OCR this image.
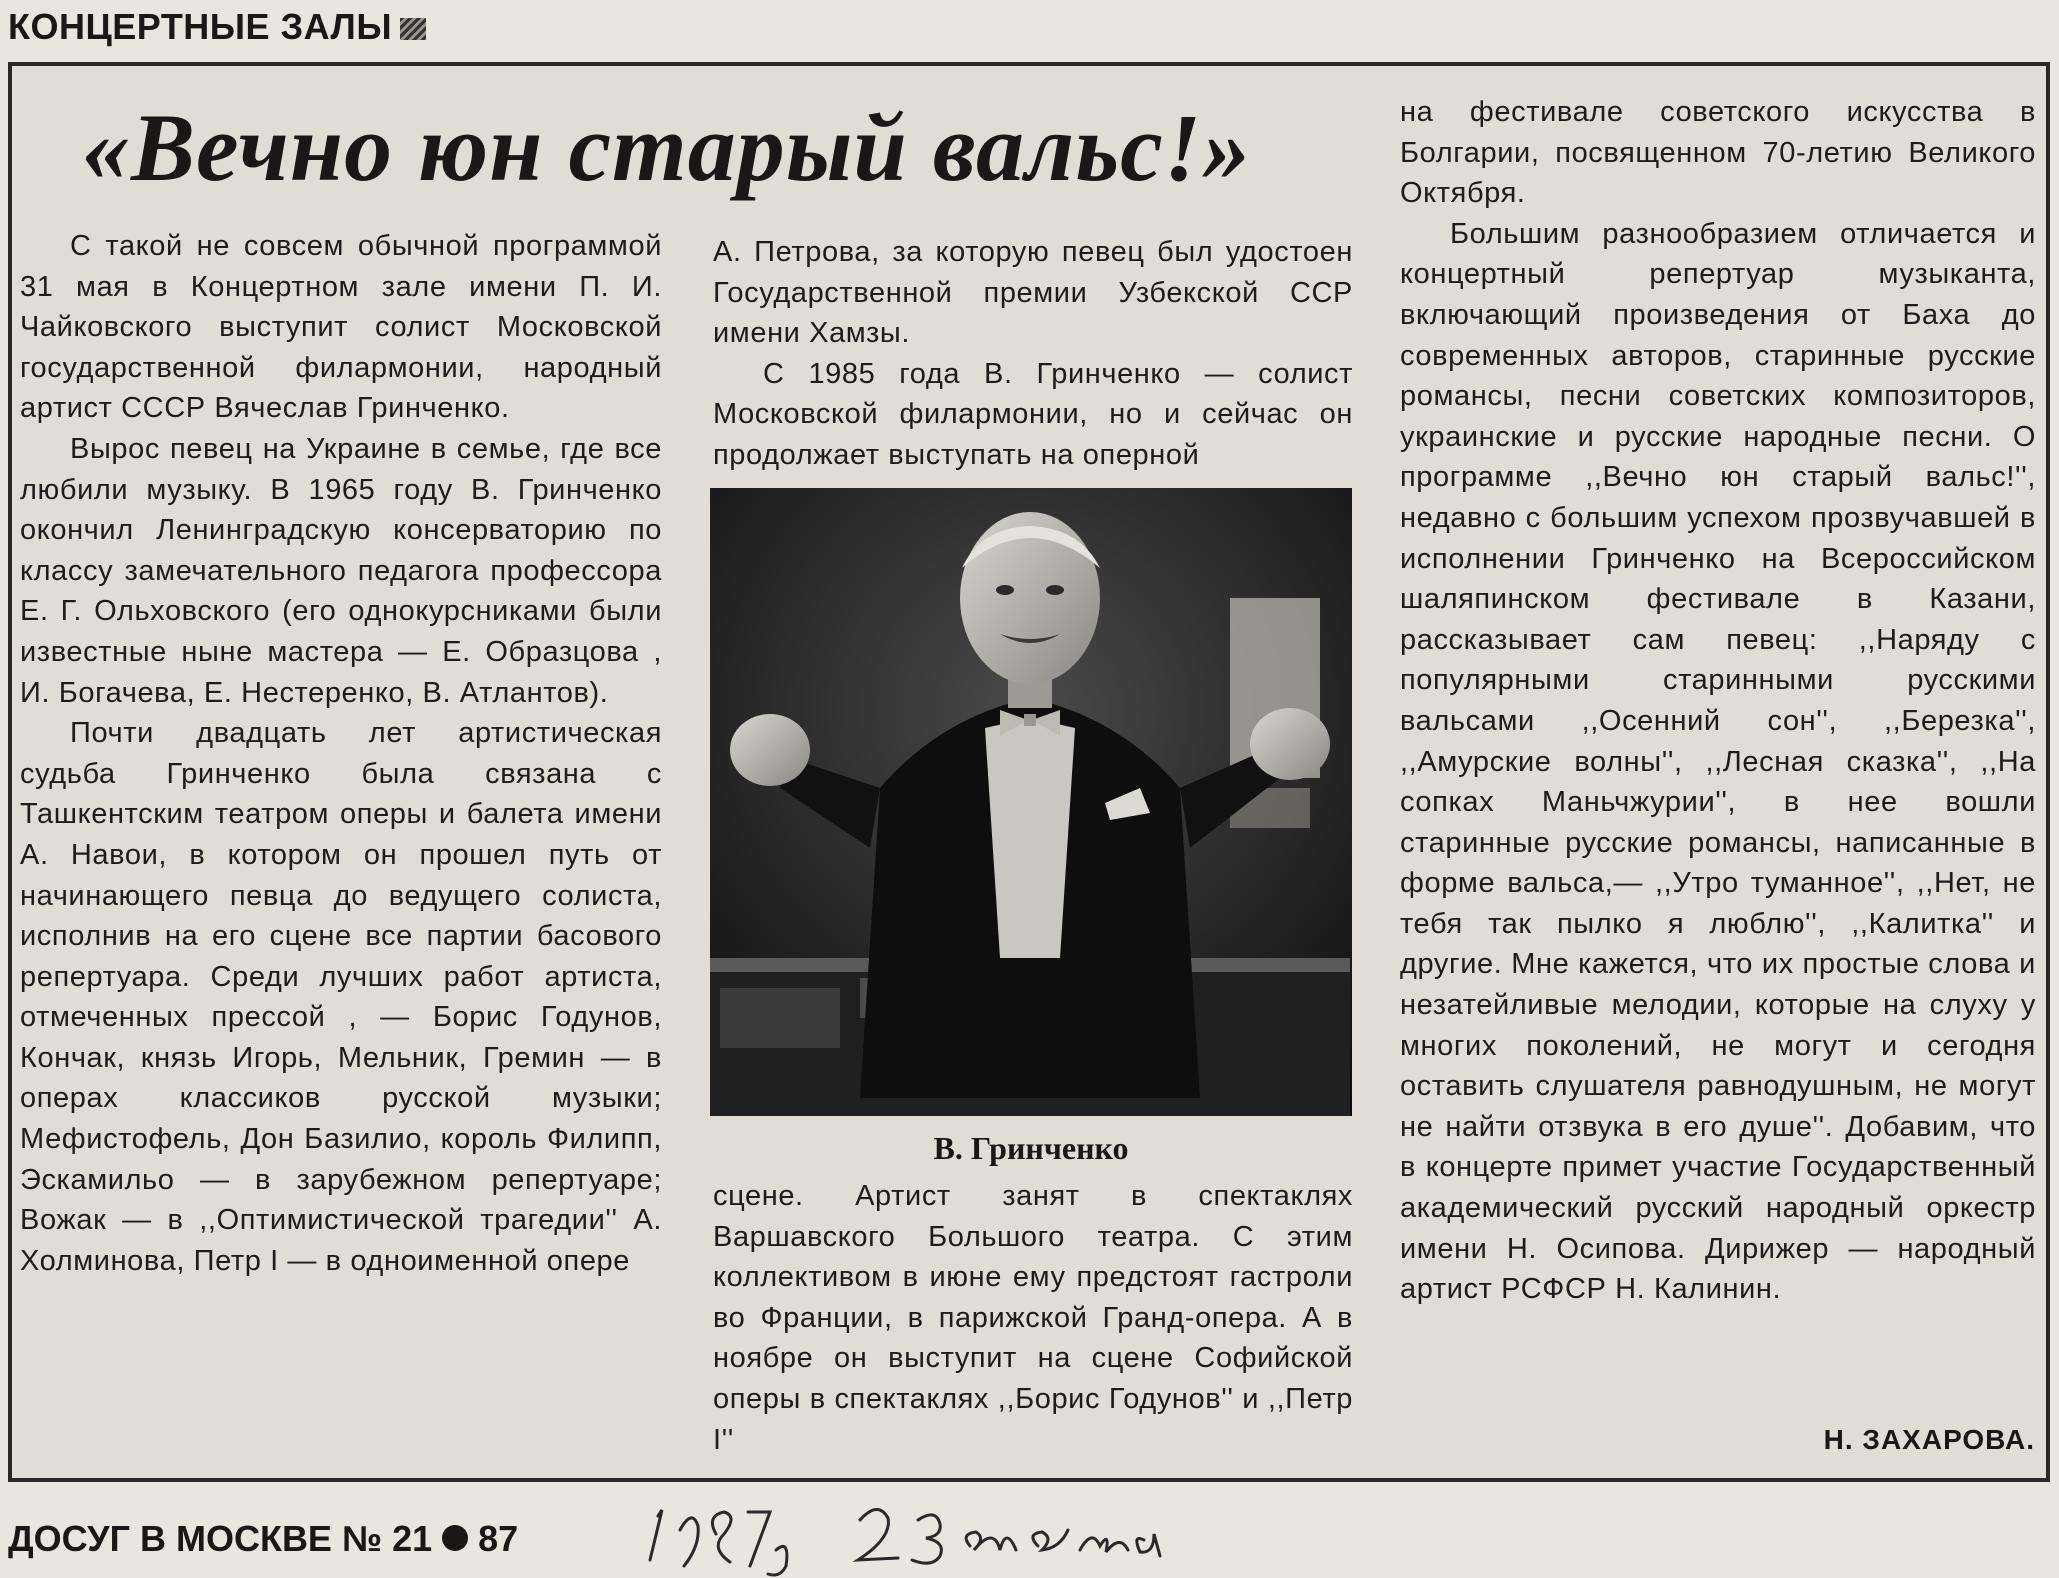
КОНЦЕРТНЫЕ ЗАЛЫ
«Вечно юн старый вальс!»

С такой не совсем обычной программой 31 мая в Концертном зале имени П. И. Чайковского выступит солист Московской государственной филармонии, народный артист СССР Вячеслав Гринченко.

Вырос певец на Украине в семье, где все любили музыку. В 1965 году В. Гринченко окончил Ленинградскую консерваторию по классу замечательного педагога профессора Е. Г. Ольховского (его однокурсниками были известные ныне мастера — Е. Образцова , И. Богачева, Е. Нестеренко, В. Атлантов).

Почти двадцать лет артистическая судьба Гринченко была связана с Ташкентским театром оперы и балета имени А. Навои, в котором он прошел путь от начинающего певца до ведущего солиста, исполнив на его сцене все партии басового репертуара. Среди лучших работ артиста, отмеченных прессой , — Борис Годунов, Кончак, князь Игорь, Мельник, Гремин — в операх классиков русской музыки; Мефистофель, Дон Базилио, король Филипп, Эскамильо — в зарубежном репертуаре; Вожак — в ,,Оптимистической трагедии'' А. Холминова, Петр I — в одноименной опере

А. Петрова, за которую певец был удостоен Государственной премии Узбекской ССР имени Хамзы.

С 1985 года В. Гринченко — солист Московской филармонии, но и сейчас он продолжает выступать на оперной

В. Гринченко

сцене. Артист занят в спектаклях Варшавского Большого театра. С этим коллективом в июне ему предстоят гастроли во Франции, в парижской Гранд-опера. А в ноябре он выступит на сцене Софийской оперы в спектаклях ,,Борис Годунов'' и ,,Петр I''

на фестивале советского искусства в Болгарии, посвященном 70-летию Великого Октября.

Большим разнообразием отличается и концертный репертуар музыканта, включающий произведения от Баха до современных авторов, старинные русские романсы, песни советских композиторов, украинские и русские народные песни. О программе ,,Вечно юн старый вальс!'', недавно с большим успехом прозвучавшей в исполнении Гринченко на Всероссийском шаляпинском фестивале в Казани, рассказывает сам певец: ,,Наряду с популярными старинными русскими вальсами ,,Осенний сон'', ,,Березка'', ,,Амурские волны'', ,,Лесная сказка'', ,,На сопках Маньчжурии'', в нее вошли старинные русские романсы, написанные в форме вальса,— ,,Утро туманное'', ,,Нет, не тебя так пылко я люблю'', ,,Калитка'' и другие. Мне кажется, что их простые слова и незатейливые мелодии, которые на слуху у многих поколений, не могут и сегодня оставить слушателя равнодушным, не могут не найти отзвука в его душе''. Добавим, что в концерте примет участие Государственный академический русский народный оркестр имени Н. Осипова. Дирижер — народный артист РСФСР Н. Калинин.

Н. ЗАХАРОВА.
ДОСУГ В МОСКВЕ № 21 87
